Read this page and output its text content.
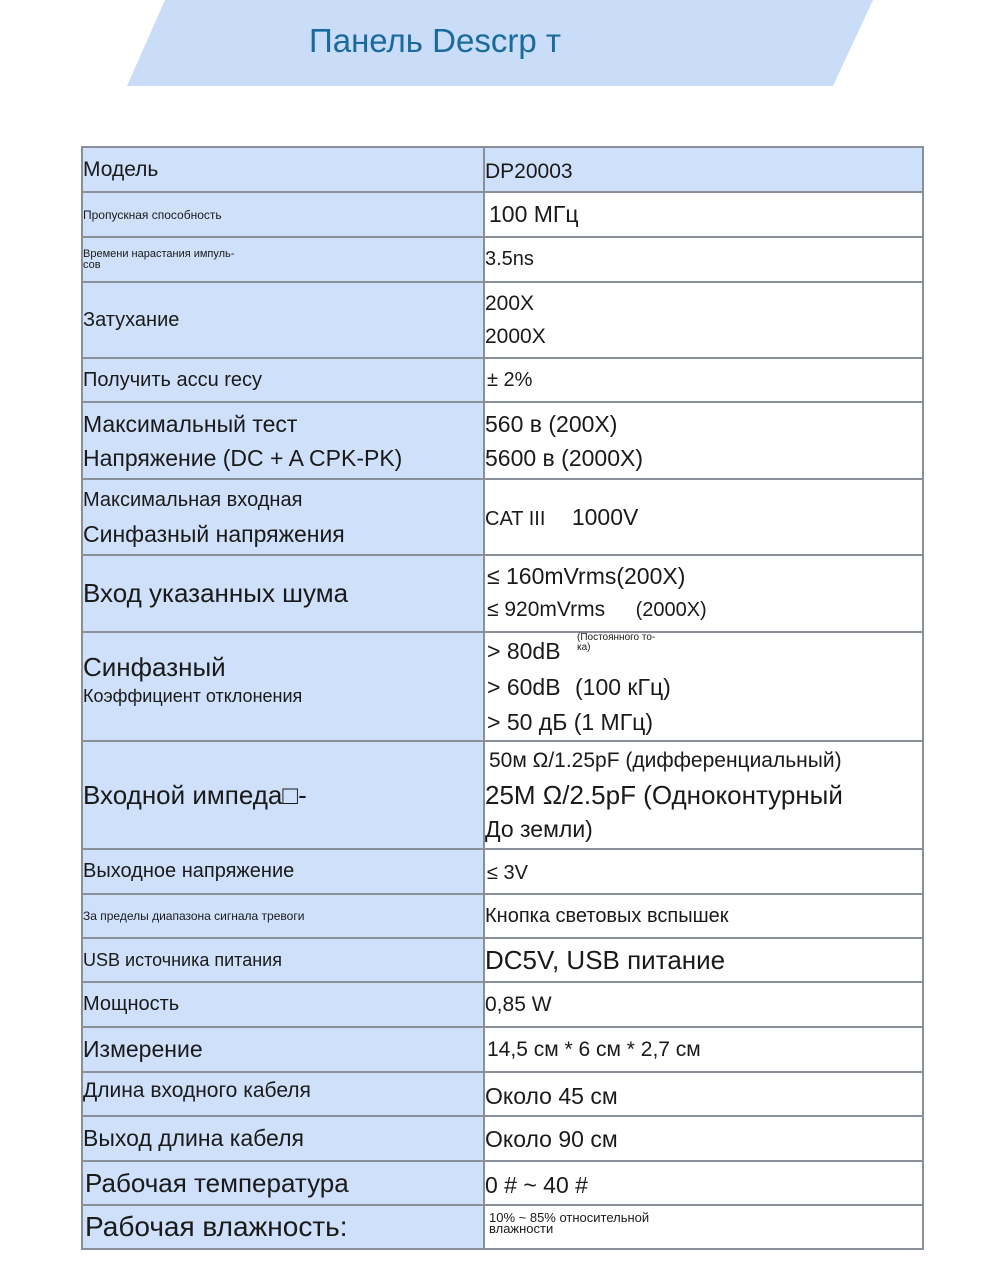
Панель Descrp т
Модель	DP20003

Пропускная способность	100 МГц

Времени нарастания импуль-
сов	3.5ns

Затухание	200X
2000X

Получить accu recy	± 2%

Максимальный тест
Напряжение (DC + A CPK-PK)	560 в (200X)
5600 в (2000X)

Максимальная входная
Синфазный напряжения	CAT III 1000V

Вход указанных шума	≤ 160mVrms(200X)
≤ 920mVrms (2000X)

Синфазный
Коэффициент отклонения	> 80dB
(Постоянного то-
ка)
> 60dB (100 кГц)
> 50 дБ (1 МГц)

Входной импеда□-	50м Ω/1.25pF (дифференциальный)
25M Ω/2.5pF (Одноконтурный
До земли)

Выходное напряжение	≤ 3V

За пределы диапазона сигнала тревоги	Кнопка световых вспышек

USB источника питания	DC5V, USB питание

Мощность	0,85 W

Измерение	14,5 см * 6 см * 2,7 см

Длина входного кабеля	Около 45 см

Выход длина кабеля	Около 90 см

Рабочая температура	0 # ~ 40 #

Рабочая влажность:	10% ~ 85% относительной
влажности
